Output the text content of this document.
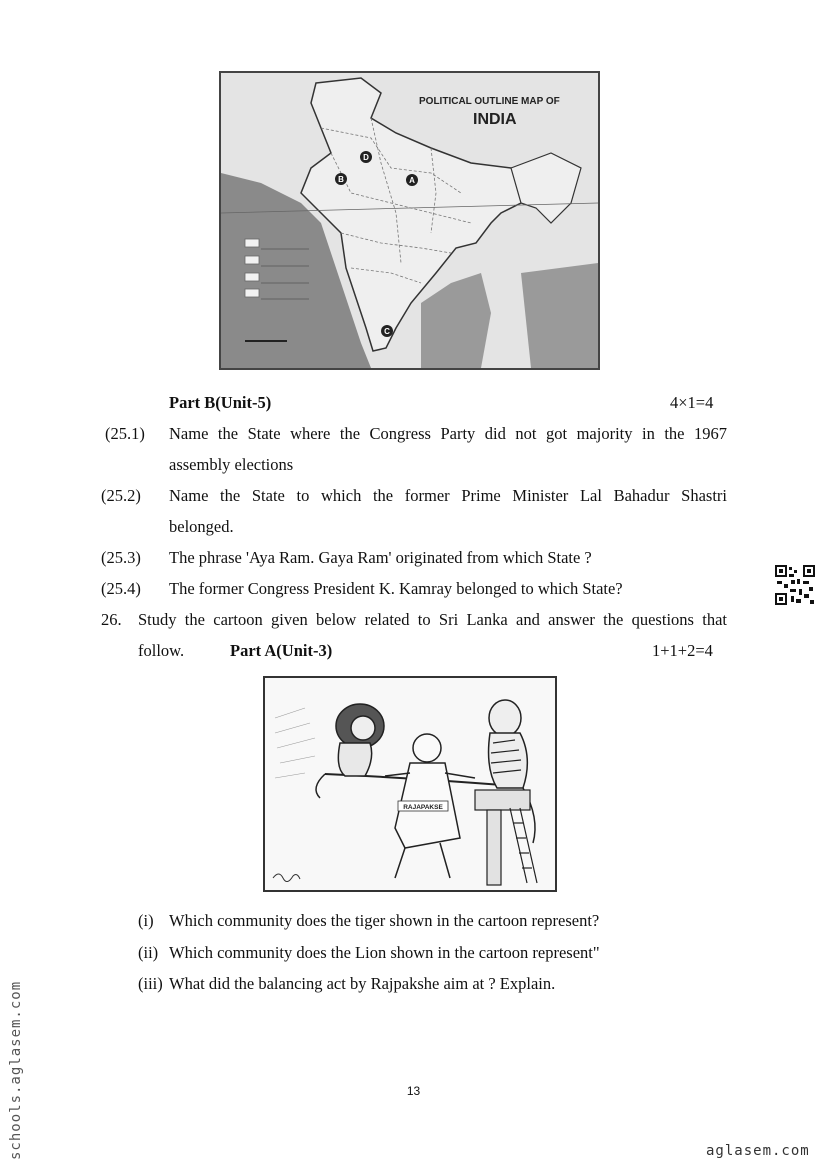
D
B	A
C
POLITICAL OUTLINE MAP OF
INDIA
Part B(Unit-5)	4×1=4
(25.1) Name the State where the Congress Party did not got majority in the 1967
assembly elections
(25.2) Name the State to which the former Prime Minister Lal Bahadur Shastri
belonged.
(25.3) The phrase 'Aya Ram. Gaya Ram' originated from which State ?
(25.4) The former Congress President K. Kamray belonged to which State?
26. Study the cartoon given below related to Sri Lanka and answer the questions that
follow.	Part A(Unit-3)	1+1+2=4
RAJAPAKSE
(i) Which community does the tiger shown in the cartoon represent?
(ii) Which community does the Lion shown in the cartoon represent"
(iii) What did the balancing act by Rajpakshe aim at ? Explain.
13
schools.aglasem.com	aglasem.com
